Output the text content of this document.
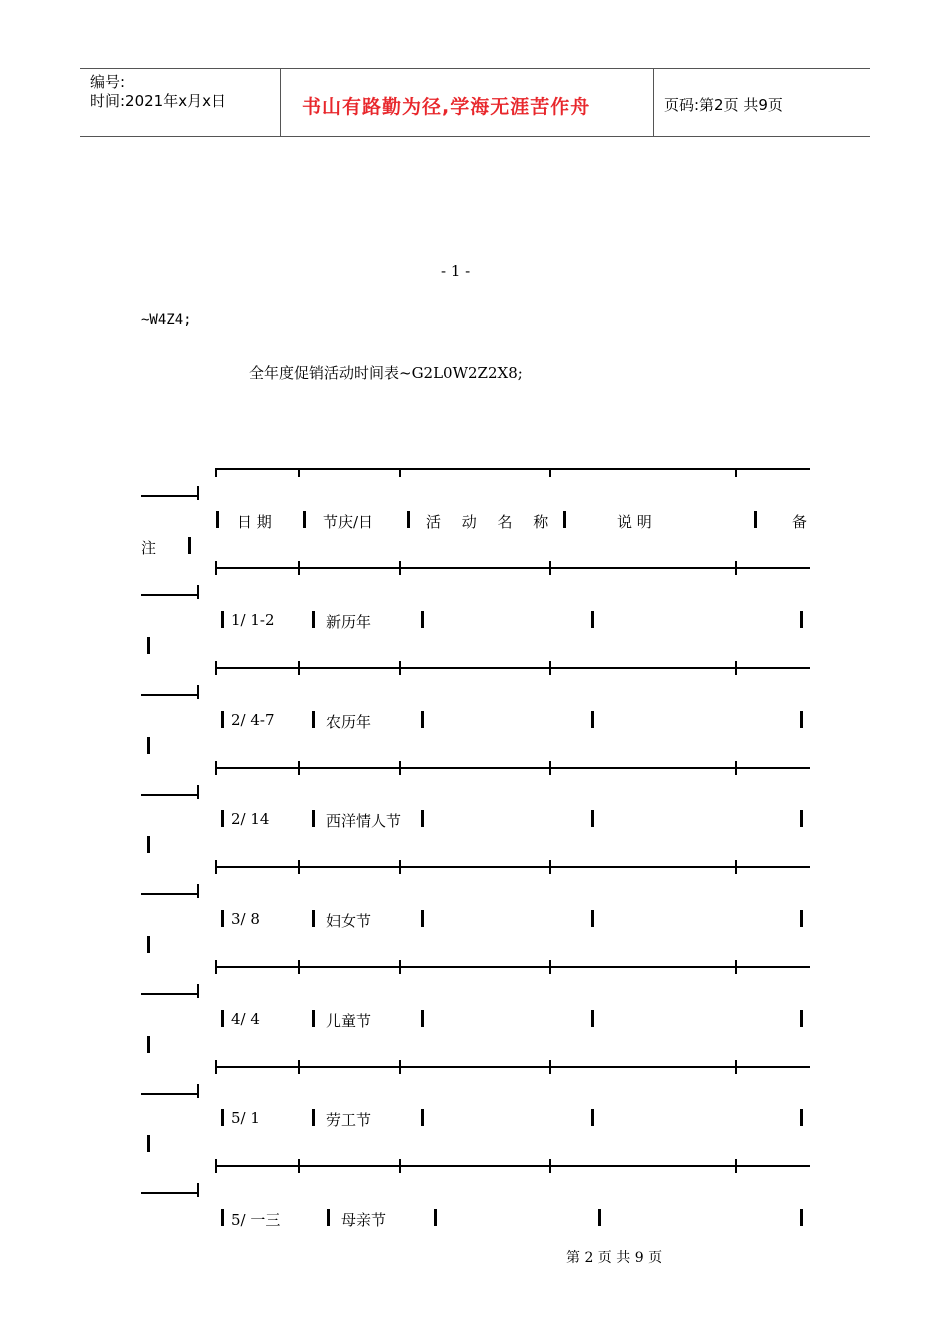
编号:
时间:2021年x月x日	书山有路勤为径,学海无涯苦作舟	页码:第2页 共9页
- 1 -
~W4Z4;
全年度促销活动时间表~G2L0W2Z2X8;
日 期	节庆/日	活 动 名 称	说 明	备
注
1/ 1-2	新历年
2/ 4-7	农历年
2/ 14	西洋情人节
3/ 8	妇女节
4/ 4	儿童节
5/ 1	劳工节
5/ 一三	母亲节
第 2 页 共 9 页
